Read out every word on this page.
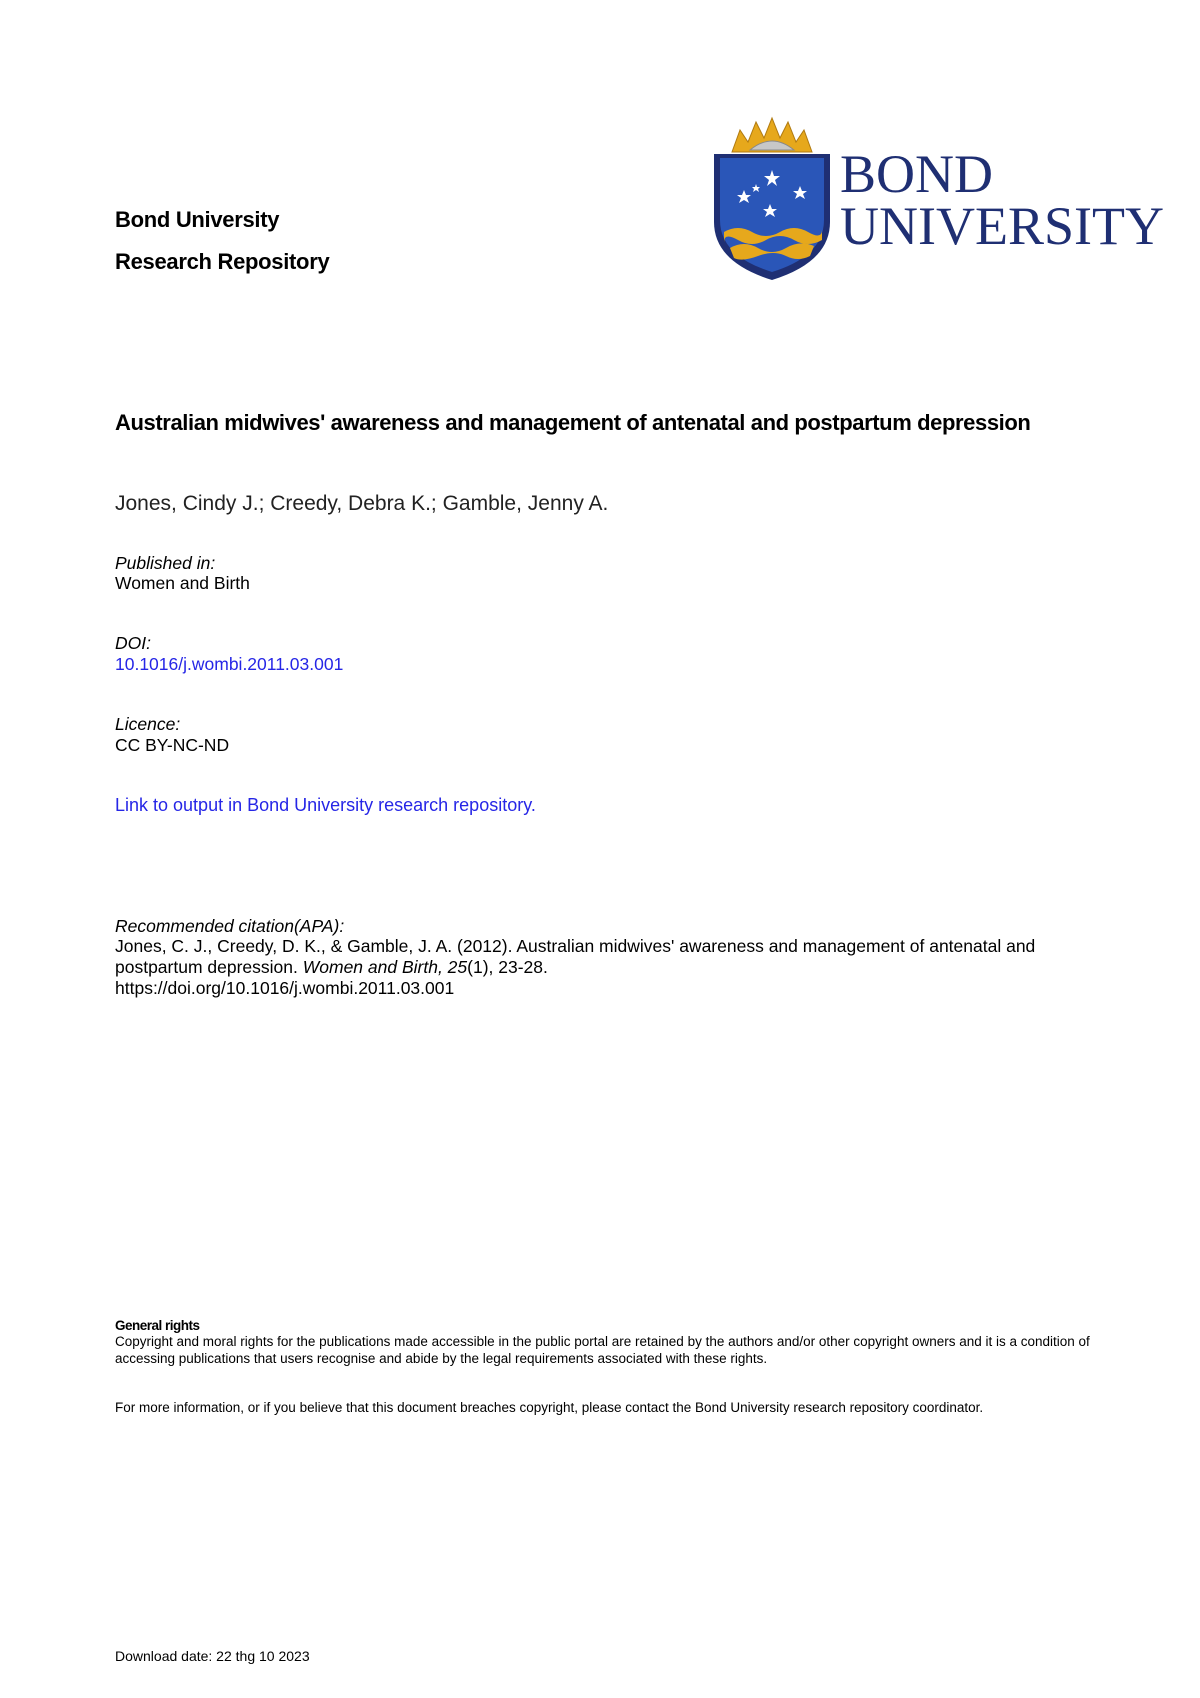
Bond University
Research Repository
BOND
UNIVERSITY
Australian midwives' awareness and management of antenatal and postpartum depression
Jones, Cindy J.; Creedy, Debra K.; Gamble, Jenny A.
Published in:
Women and Birth
DOI:
10.1016/j.wombi.2011.03.001
Licence:
CC BY-NC-ND
Link to output in Bond University research repository.
Recommended citation(APA):
Jones, C. J., Creedy, D. K., & Gamble, J. A. (2012). Australian midwives' awareness and management of antenatal and postpartum depression. Women and Birth, 25(1), 23-28.
https://doi.org/10.1016/j.wombi.2011.03.001
General rights
Copyright and moral rights for the publications made accessible in the public portal are retained by the authors and/or other copyright owners and it is a condition of accessing publications that users recognise and abide by the legal requirements associated with these rights.
For more information, or if you believe that this document breaches copyright, please contact the Bond University research repository coordinator.
Download date: 22 thg 10 2023
